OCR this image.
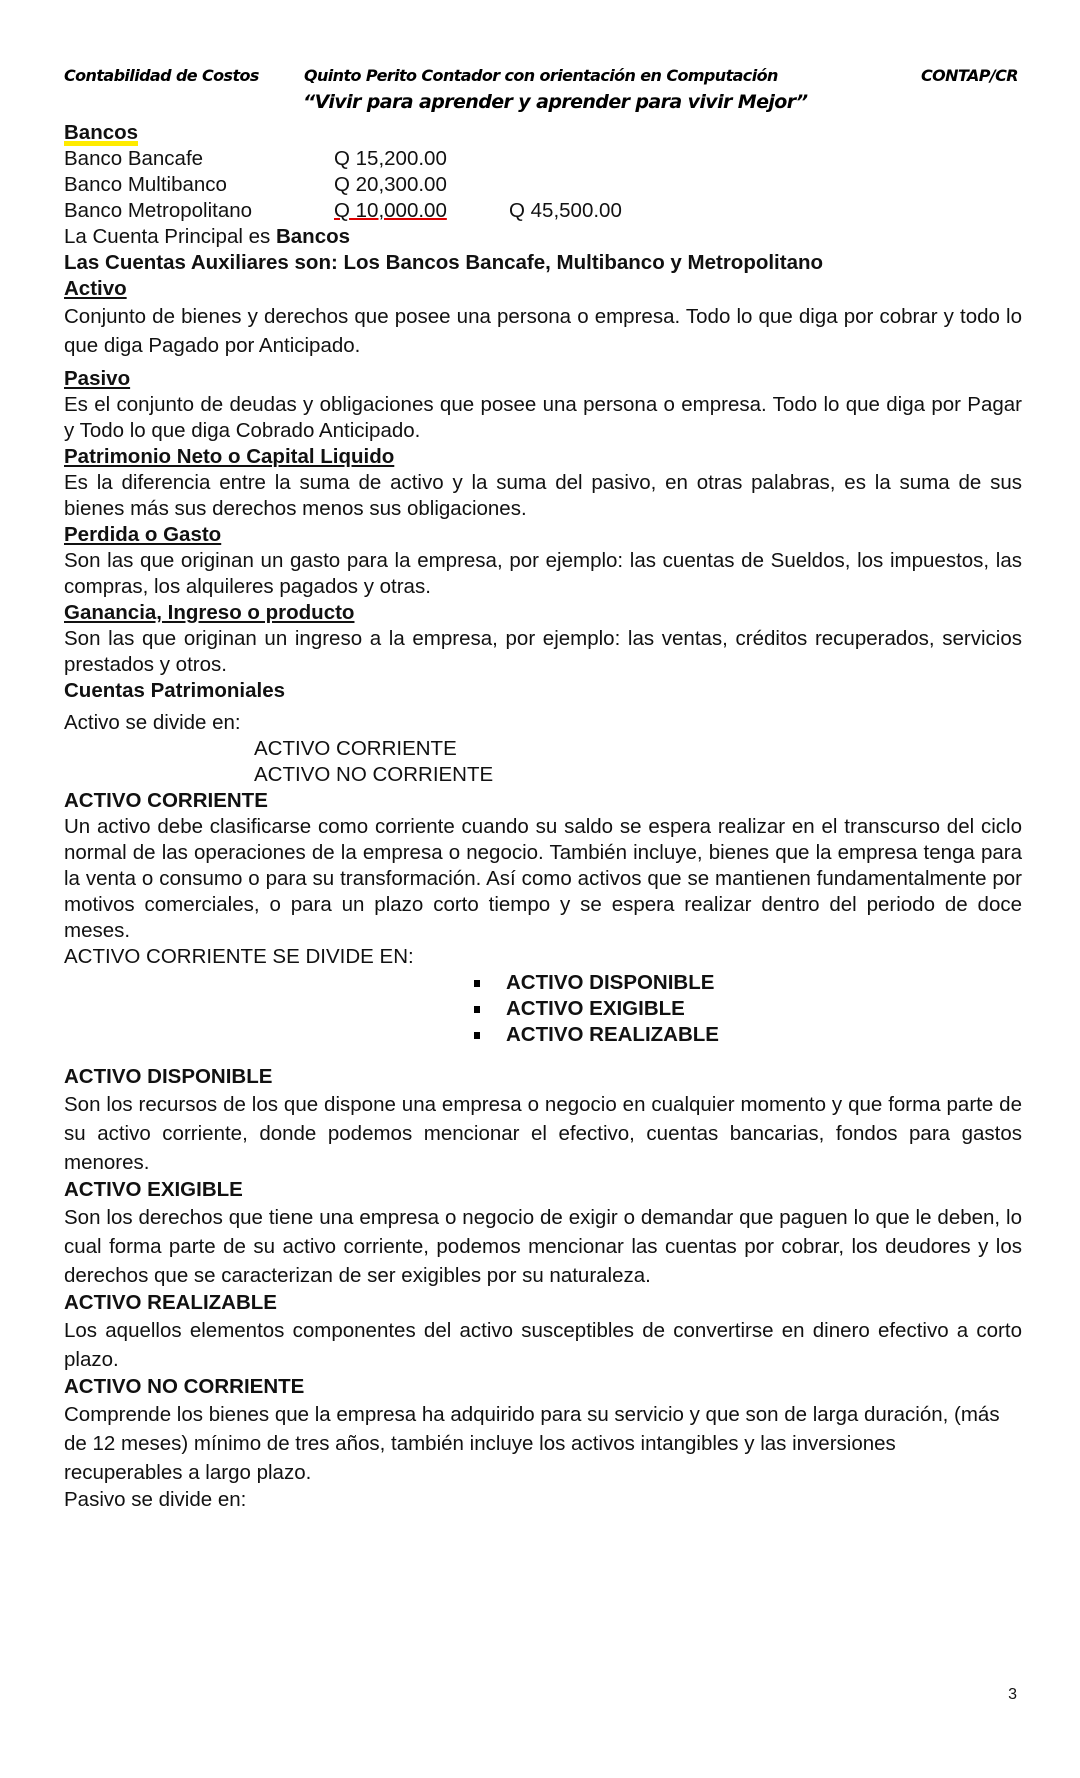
Contabilidad de Costos	Quinto Perito Contador con orientación en Computación	CONTAP/CR
“Vivir para aprender y aprender para vivir Mejor”
Bancos
Banco Bancafe	Q 15,200.00
Banco Multibanco	Q 20,300.00
Banco Metropolitano	Q 10,000.00	Q 45,500.00
La Cuenta Principal es Bancos
Las Cuentas Auxiliares son: Los Bancos Bancafe, Multibanco y Metropolitano
Activo
Conjunto de bienes y derechos que posee una persona o empresa. Todo lo que diga por cobrar y todo lo que diga Pagado por Anticipado.
Pasivo
Es el conjunto de deudas y obligaciones que posee una persona o empresa. Todo lo que diga por Pagar y Todo lo que diga Cobrado Anticipado.
Patrimonio Neto o Capital Liquido
Es la diferencia entre la suma de activo y la suma del pasivo, en otras palabras, es la suma de sus bienes más sus derechos menos sus obligaciones.
Perdida o Gasto
Son las que originan un gasto para la empresa, por ejemplo: las cuentas de Sueldos, los impuestos, las compras, los alquileres pagados y otras.
Ganancia, Ingreso o producto
Son las que originan un ingreso a la empresa, por ejemplo: las ventas, créditos recuperados, servicios prestados y otros.
Cuentas Patrimoniales
Activo se divide en:
ACTIVO CORRIENTE
ACTIVO NO CORRIENTE
ACTIVO CORRIENTE
Un activo debe clasificarse como corriente cuando su saldo se espera realizar en el transcurso del ciclo normal de las operaciones de la empresa o negocio. También incluye, bienes que la empresa tenga para la venta o consumo o para su transformación. Así como activos que se mantienen fundamentalmente por motivos comerciales, o para un plazo corto tiempo y se espera realizar dentro del periodo de doce meses.
ACTIVO CORRIENTE SE DIVIDE EN:
ACTIVO DISPONIBLE
ACTIVO EXIGIBLE
ACTIVO REALIZABLE
ACTIVO DISPONIBLE
Son los recursos de los que dispone una empresa o negocio en cualquier momento y que forma parte de su activo corriente, donde podemos mencionar el efectivo, cuentas bancarias, fondos para gastos menores.
ACTIVO EXIGIBLE
Son los derechos que tiene una empresa o negocio de exigir o demandar que paguen lo que le deben, lo cual forma parte de su activo corriente, podemos mencionar las cuentas por cobrar, los deudores y los derechos que se caracterizan de ser exigibles por su naturaleza.
ACTIVO REALIZABLE
Los aquellos elementos componentes del activo susceptibles de convertirse en dinero efectivo a corto plazo.
ACTIVO NO CORRIENTE
Comprende los bienes que la empresa ha adquirido para su servicio y que son de larga duración, (más de 12 meses) mínimo de tres años, también incluye los activos intangibles y las inversiones recuperables a largo plazo.
Pasivo se divide en:
3
